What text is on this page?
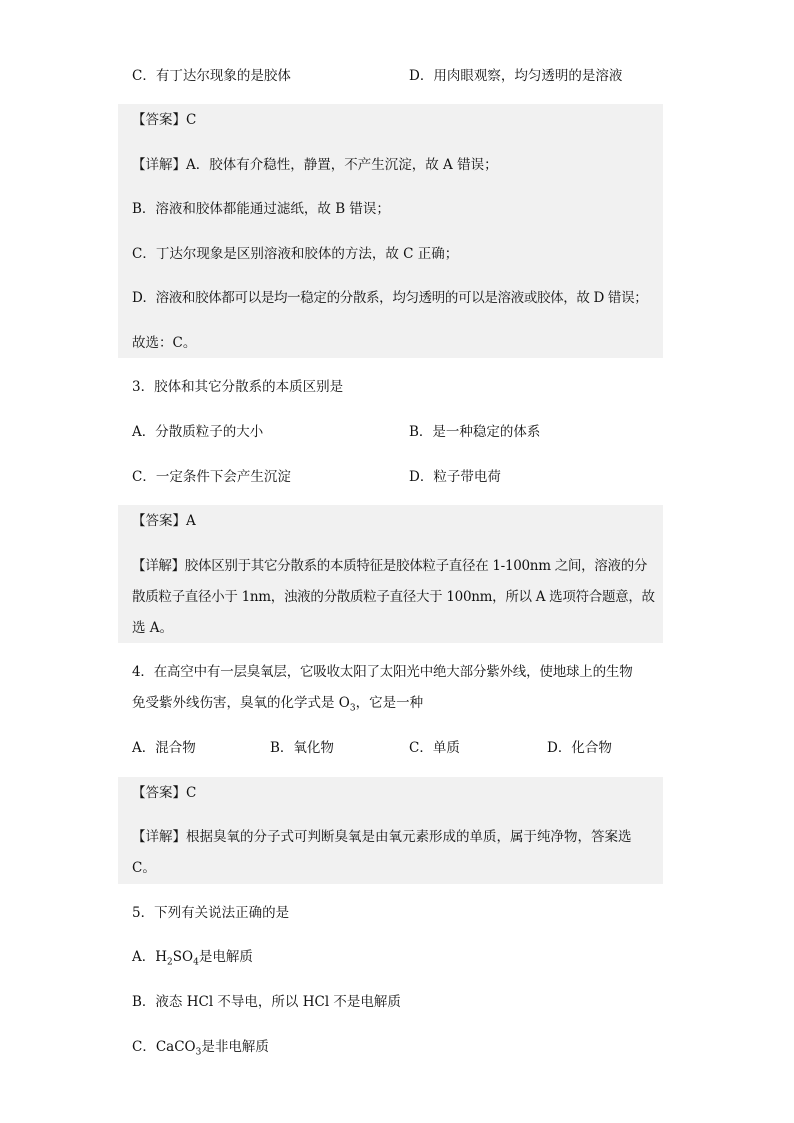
C．有丁达尔现象的是胶体	D．用肉眼观察，均匀透明的是溶液
【答案】C
【详解】A．胶体有介稳性，静置，不产生沉淀，故 A 错误；
B．溶液和胶体都能通过滤纸，故 B 错误；
C．丁达尔现象是区别溶液和胶体的方法，故 C 正确；
D．溶液和胶体都可以是均一稳定的分散系，均匀透明的可以是溶液或胶体，故 D 错误；
故选：C。
3．胶体和其它分散系的本质区别是
A．分散质粒子的大小	B．是一种稳定的体系
C．一定条件下会产生沉淀	D．粒子带电荷
【答案】A
【详解】胶体区别于其它分散系的本质特征是胶体粒子直径在 1-100nm 之间，溶液的分
散质粒子直径小于 1nm，浊液的分散质粒子直径大于 100nm，所以 A 选项符合题意，故
选 A。
4．在高空中有一层臭氧层，它吸收太阳了太阳光中绝大部分紫外线，使地球上的生物
免受紫外线伤害，臭氧的化学式是 $O_3$，它是一种
A．混合物	B．氧化物	C．单质	D．化合物
【答案】C
【详解】根据臭氧的分子式可判断臭氧是由氧元素形成的单质，属于纯净物，答案选
C。
5．下列有关说法正确的是
A．$H_2SO_4$是电解质
B．液态 HCl 不导电，所以 HCl 不是电解质
C．CaCO$_3$是非电解质
